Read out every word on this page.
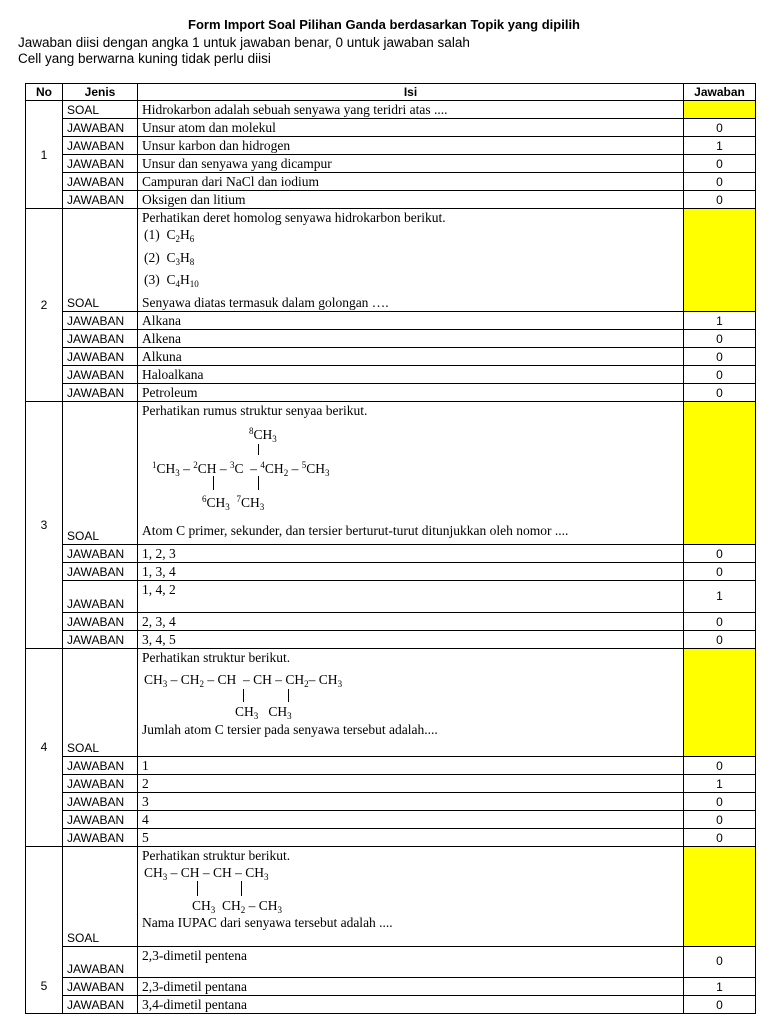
Form Import Soal Pilihan Ganda berdasarkan Topik yang dipilih
Jawaban diisi dengan angka 1 untuk jawaban benar, 0 untuk jawaban salah
Cell yang berwarna kuning tidak perlu diisi
No	Jenis	Isi	Jawaban
1	SOAL	Hidrokarbon adalah sebuah senyawa yang teridri atas ....	
	JAWABAN	Unsur atom dan molekul	0
	JAWABAN	Unsur karbon dan hidrogen	1
	JAWABAN	Unsur dan senyawa yang dicampur	0
	JAWABAN	Campuran dari NaCl dan iodium	0
	JAWABAN	Oksigen dan litium	0
2	SOAL	Perhatikan deret homolog senyawa hidrokarbon berikut.
(1)  $C_2H_6$
(2)  $C_3H_8$
(3)  $C_4H_{10}$
Senyawa diatas termasuk dalam golongan ….	

	JAWABAN	Alkana	1
	JAWABAN	Alkena	0
	JAWABAN	Alkuna	0
	JAWABAN	Haloalkana	0
	JAWABAN	Petroleum	0
3	SOAL	Perhatikan rumus struktur senyaa berikut.
$^8CH_3$
$^1CH_3 - ^2CH - ^3C - ^4CH_2 - ^5CH_3$
$^6CH_3$  $^7CH_3$
Atom C primer, sekunder, dan tersier berturut-turut ditunjukkan oleh nomor ....	

	JAWABAN	1, 2, 3	0
	JAWABAN	1, 3, 4	0
	JAWABAN	1, 4, 2	1
	JAWABAN	2, 3, 4	0
	JAWABAN	3, 4, 5	0
4	SOAL	Perhatikan struktur berikut.
$CH_3 - CH_2$ – CH  – CH – $CH_2-$ $CH_3$
$CH_3$   $CH_3$
Jumlah atom C tersier pada senyawa tersebut adalah....	

	JAWABAN	1	0
	JAWABAN	2	1
	JAWABAN	3	0
	JAWABAN	4	0
	JAWABAN	5	0
5	SOAL	Perhatikan struktur berikut.
$CH_3$ – CH – CH – $CH_3$
$CH_3$  $CH_2 - CH_3$
Nama IUPAC dari senyawa tersebut adalah ....	

	JAWABAN	2,3-dimetil pentena	0
	JAWABAN	2,3-dimetil pentana	1
	JAWABAN	3,4-dimetil pentana	0
